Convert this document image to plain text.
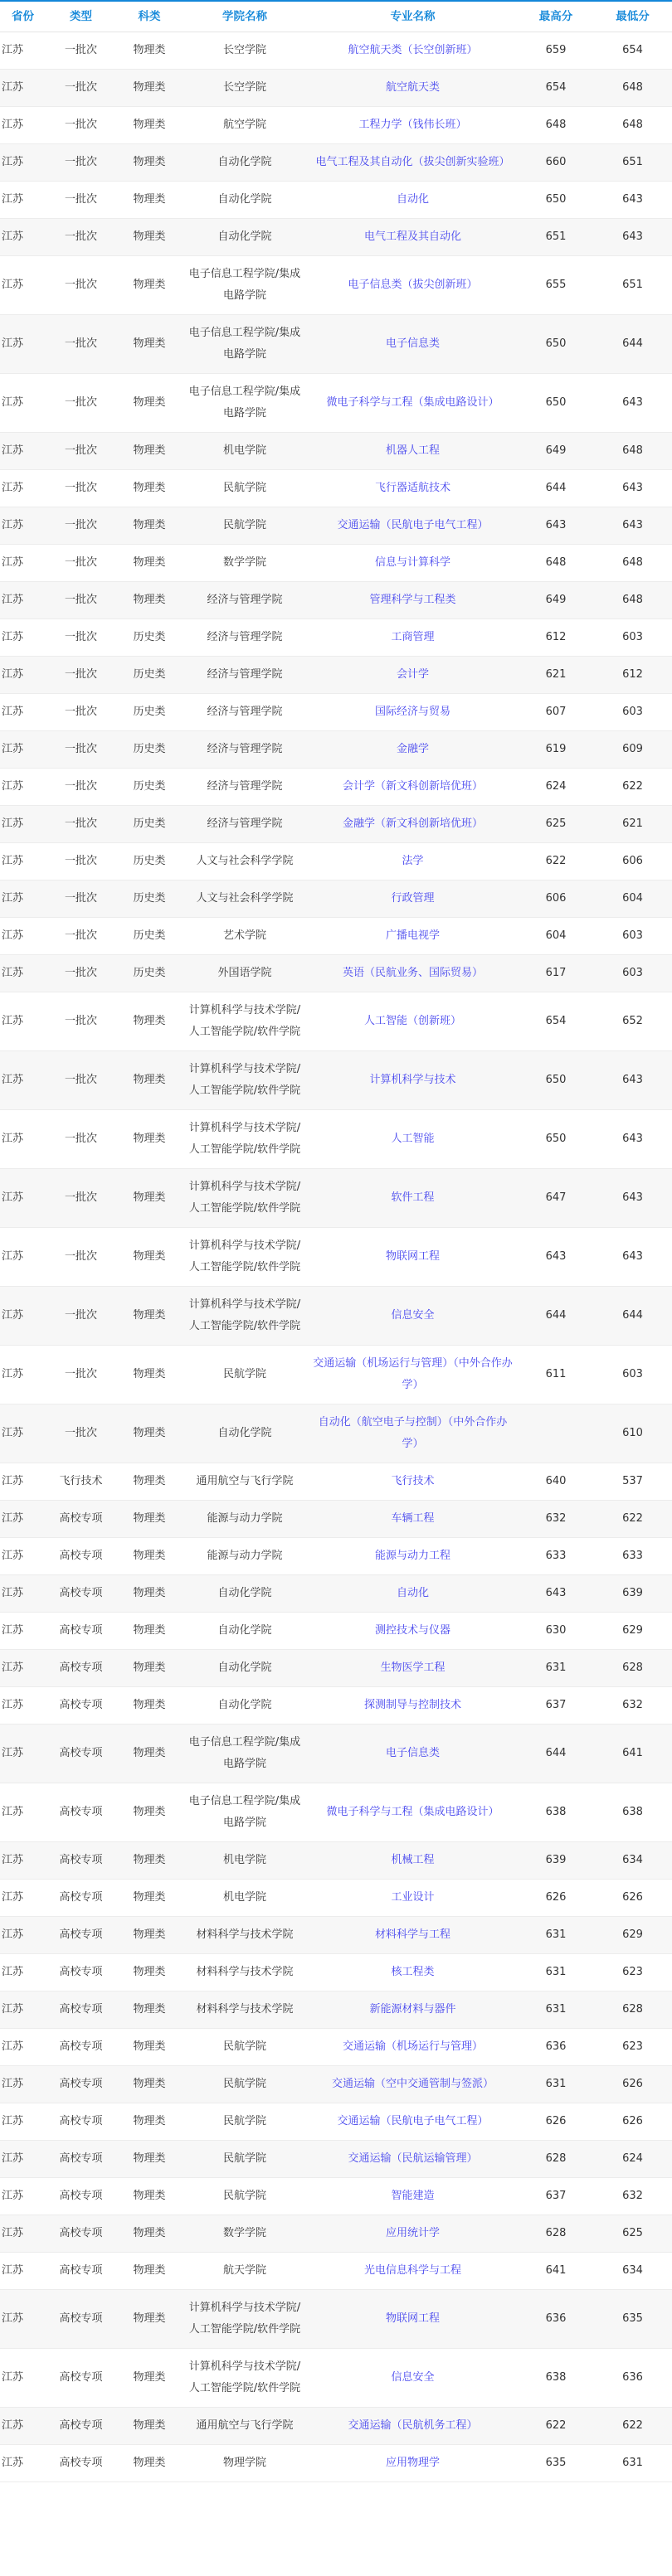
省份	类型	科类	学院名称	专业名称	最高分	最低分
江苏	一批次	物理类	长空学院	航空航天类（长空创新班）	659	654
江苏	一批次	物理类	长空学院	航空航天类	654	648
江苏	一批次	物理类	航空学院	工程力学（钱伟长班）	648	648
江苏	一批次	物理类	自动化学院	电气工程及其自动化（拔尖创新实验班）	660	651
江苏	一批次	物理类	自动化学院	自动化	650	643
江苏	一批次	物理类	自动化学院	电气工程及其自动化	651	643
江苏	一批次	物理类	电子信息工程学院/集成电路学院	电子信息类（拔尖创新班）	655	651
江苏	一批次	物理类	电子信息工程学院/集成电路学院	电子信息类	650	644
江苏	一批次	物理类	电子信息工程学院/集成电路学院	微电子科学与工程（集成电路设计）	650	643
江苏	一批次	物理类	机电学院	机器人工程	649	648
江苏	一批次	物理类	民航学院	飞行器适航技术	644	643
江苏	一批次	物理类	民航学院	交通运输（民航电子电气工程）	643	643
江苏	一批次	物理类	数学学院	信息与计算科学	648	648
江苏	一批次	物理类	经济与管理学院	管理科学与工程类	649	648
江苏	一批次	历史类	经济与管理学院	工商管理	612	603
江苏	一批次	历史类	经济与管理学院	会计学	621	612
江苏	一批次	历史类	经济与管理学院	国际经济与贸易	607	603
江苏	一批次	历史类	经济与管理学院	金融学	619	609
江苏	一批次	历史类	经济与管理学院	会计学（新文科创新培优班）	624	622
江苏	一批次	历史类	经济与管理学院	金融学（新文科创新培优班）	625	621
江苏	一批次	历史类	人文与社会科学学院	法学	622	606
江苏	一批次	历史类	人文与社会科学学院	行政管理	606	604
江苏	一批次	历史类	艺术学院	广播电视学	604	603
江苏	一批次	历史类	外国语学院	英语（民航业务、国际贸易）	617	603
江苏	一批次	物理类	计算机科学与技术学院/人工智能学院/软件学院	人工智能（创新班）	654	652
江苏	一批次	物理类	计算机科学与技术学院/人工智能学院/软件学院	计算机科学与技术	650	643
江苏	一批次	物理类	计算机科学与技术学院/人工智能学院/软件学院	人工智能	650	643
江苏	一批次	物理类	计算机科学与技术学院/人工智能学院/软件学院	软件工程	647	643
江苏	一批次	物理类	计算机科学与技术学院/人工智能学院/软件学院	物联网工程	643	643
江苏	一批次	物理类	计算机科学与技术学院/人工智能学院/软件学院	信息安全	644	644
江苏	一批次	物理类	民航学院	交通运输（机场运行与管理）（中外合作办学）	611	603
江苏	一批次	物理类	自动化学院	自动化（航空电子与控制）（中外合作办学）		610
江苏	飞行技术	物理类	通用航空与飞行学院	飞行技术	640	537
江苏	高校专项	物理类	能源与动力学院	车辆工程	632	622
江苏	高校专项	物理类	能源与动力学院	能源与动力工程	633	633
江苏	高校专项	物理类	自动化学院	自动化	643	639
江苏	高校专项	物理类	自动化学院	测控技术与仪器	630	629
江苏	高校专项	物理类	自动化学院	生物医学工程	631	628
江苏	高校专项	物理类	自动化学院	探测制导与控制技术	637	632
江苏	高校专项	物理类	电子信息工程学院/集成电路学院	电子信息类	644	641
江苏	高校专项	物理类	电子信息工程学院/集成电路学院	微电子科学与工程（集成电路设计）	638	638
江苏	高校专项	物理类	机电学院	机械工程	639	634
江苏	高校专项	物理类	机电学院	工业设计	626	626
江苏	高校专项	物理类	材料科学与技术学院	材料科学与工程	631	629
江苏	高校专项	物理类	材料科学与技术学院	核工程类	631	623
江苏	高校专项	物理类	材料科学与技术学院	新能源材料与器件	631	628
江苏	高校专项	物理类	民航学院	交通运输（机场运行与管理）	636	623
江苏	高校专项	物理类	民航学院	交通运输（空中交通管制与签派）	631	626
江苏	高校专项	物理类	民航学院	交通运输（民航电子电气工程）	626	626
江苏	高校专项	物理类	民航学院	交通运输（民航运输管理）	628	624
江苏	高校专项	物理类	民航学院	智能建造	637	632
江苏	高校专项	物理类	数学学院	应用统计学	628	625
江苏	高校专项	物理类	航天学院	光电信息科学与工程	641	634
江苏	高校专项	物理类	计算机科学与技术学院/人工智能学院/软件学院	物联网工程	636	635
江苏	高校专项	物理类	计算机科学与技术学院/人工智能学院/软件学院	信息安全	638	636
江苏	高校专项	物理类	通用航空与飞行学院	交通运输（民航机务工程）	622	622
江苏	高校专项	物理类	物理学院	应用物理学	635	631
